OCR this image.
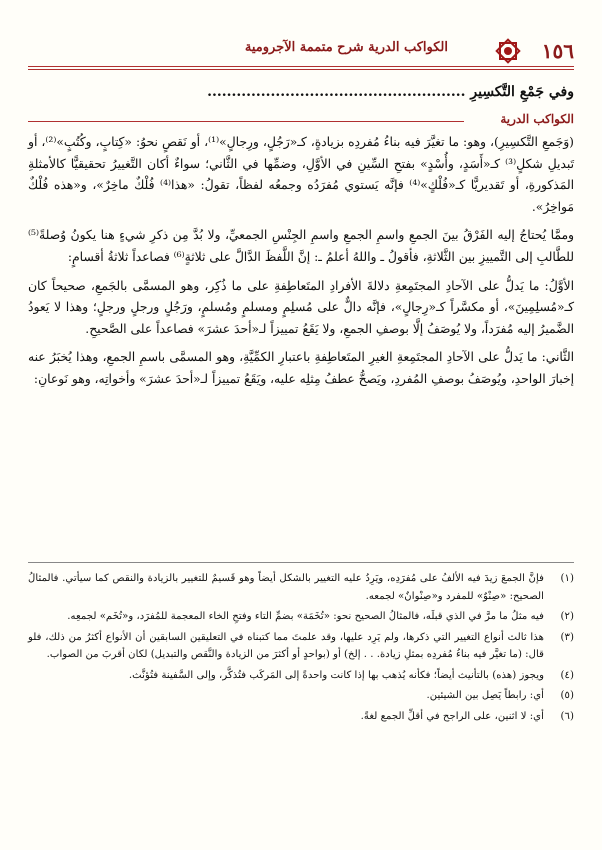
١٥٦
الكواكب الدرية شرح متممة الآجرومية
وفي جَمْعِ التَّكسِيرِ .....................................................
الكواكب الدرية

(وَجَمعِ التَّكسِيرِ)، وهو: ما تغيَّرَ فيه بناءُ مُفردِه بزيادةٍ، كـ«رَجُلٍ، ورِجالٍ»⁽¹⁾، أو نَقصٍ نحوُ: «كِتابٍ، وكُتُبٍ»⁽²⁾، أو تَبديلِ شكلٍ⁽³⁾ كـ«أَسَدٍ، وأُسْدٍ» بفتحِ السِّينِ في الأوَّلِ، وضمِّها في الثَّاني؛ سواءٌ أكان التَّغييرُ تحقيقيًّا كالأمثلةِ المَذكورةِ، أو تَقديريًّا كـ«فُلْكٍ»⁽⁴⁾ فإنَّه يَستوي مُفرَدُه وجمعُه لفظاً، تقولُ: «هذا⁽⁴⁾ فُلْكٌ ماخِرٌ»، و«هذه فُلْكٌ مَواخِرُ».

وممَّا يُحتاجُ إليه الفَرْقُ بينَ الجمعِ واسمِ الجمعِ واسمِ الجِنْسِ الجمعيِّ، ولا بُدَّ مِن ذكرِ شيءٍ هنا يكونُ وُصلةً⁽⁵⁾ للطَّالبِ إلى التَّمييزِ بين الثَّلاثةِ، فأقولُ ـ واللهُ أعلمُ ـ: إنَّ اللَّفظَ الدَّالَّ على ثلاثةٍ⁽⁶⁾ فصاعداً ثلاثةُ أقسامٍ:

الأوَّلُ: ما يَدلُّ على الآحادِ المجتَمِعةِ دلالةَ الأفرادِ المتَعاطِفةِ على ما ذُكِر، وهو المسمَّى بالجَمعِ، صحيحاً كان كـ«مُسلِمِينَ»، أو مكسَّراً كـ«رِجالٍ»، فإنَّه دالٌّ على مُسلِمٍ ومسلمٍ ومُسلمٍ، ورَجُلٍ ورجلٍ ورجلٍ؛ وهذا لا يَعودُ الضَّميرُ إليه مُفرَداً، ولا يُوصَفُ إلَّا بوصفِ الجمعِ، ولا يَقَعُ تمييزاً لـ«أحدَ عشرَ» فصاعداً على الصَّحيحِ.

الثَّاني: ما يَدلُّ على الآحادِ المجتَمِعةِ الغيرِ المتَعاطِفةِ باعتبارِ الكمِّيَّةِ، وهو المسمَّى باسمِ الجمعِ، وهذا يُخبَرُ عنه إخبارَ الواحدِ، ويُوصَفُ بوصفِ المُفردِ، ويَصحُّ عطفُ مِثلِه عليه، ويَقَعُ تمييزاً لـ«أحدَ عشرَ» وأخواتِه، وهو نَوعانِ:

(١)
فإنَّ الجمعَ زيدَ فيه الألفُ على مُفرَدِه، ويَرِدُ عليه التغيير بالشكل أيضاً وهو قَسيمٌ للتغيير بالزيادة والنقص كما سيأتي. فالمثالُ الصحيح: «صِنْوٌ» للمفرد و«صِنْوانٌ» لجمعه.
(٢)
فيه مثلُ ما مرَّ في الذي قبلَه، فالمثالُ الصحيح نحو: «تُخَمَة» بضمِّ التاء وفتحِ الخاء المعجمة للمُفرَد، و«تُخَم» لجمعِه.
(٣)
هذا ثالث أنواع التغيير التي ذكرها، ولم يَرِد عليها، وقد علمتَ مما كتبناه في التعليقين السابقين أن الأنواع أكثرُ من ذلك، فلو قال: (ما تغيَّر فيه بناءُ مُفردِه بمثلِ زيادة. . . إلخ) أو (بواحدٍ أو أكثرَ من الزيادة والنَّقص والتبديل) لكان أقربَ من الصواب.
(٤)
ويجوز (هذه) بالتأنيث أيضاً؛ فكأنه يُذهب بها إذا كانت واحدةً إلى المَركَب فتُذكَّر، وإلى السَّفينة فتُؤنَّث.
(٥)
أي: رابطاً يَصِل بين الشيئين.
(٦)
أي: لا اثنين، على الراجح في أقلِّ الجمع لغةً.
